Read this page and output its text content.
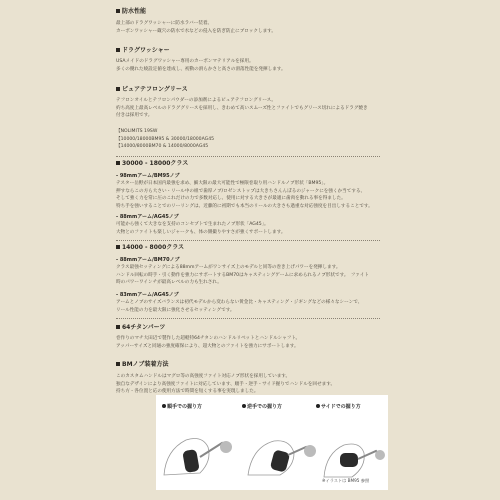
防水性能
最上部のドラグワッシャーに防水ラバー装着。
カーボンワッシャー蔵穴の防水で水などの侵入を防ぎ防止にブロックします。
ドラグワッシャー
USAメイドのドラグワッシャー専用のカーボンマテリアルを採用。
多くの優れた綾設定値を達成し、初動の滑らかさと高さの滑落性能を発揮します。
ピュアテフロングリース
テフロンオイルとテフロンパウダーの添加剤によるピュアテフロングリース。
約ち高度上最高レベルのドラググリースを採用し、きわめて高いスムーズ性とファイトでもグリース切れによるドラグ焼き
付きは採用です。
【NOLIMITS 19SW
【10000/18000BM95 & 30000/18000AG45
【14000/8000BM70 & 14000/8000AG45
30000 - 18000クラス
- 98mmアーム/BM95ノブ
テスター岳野が日本国内最強を求め、細大限の最大可能性で極限巻取り用ハンドルノブ形状「BM95」。
押すならこの方ら大さい・リール中の組で歯厚ノブ/ロゼンストップは大きちさんんぽるのジャークにを強くか当てする、
そして強く力を常に圧のこれだけの力で多数対応し、使用に対する大きさが最適に歯肉を動れる事を得ました。
特ち手を強いすることでのリーリングは、近藤的に初期でも本当のリールの大きさも過重な対応強度を目出しすることです。
- 88mmアーム/AG45ノブ
可能から強くて大きなを支持のコンセプトで生まれたノブ形状「AG45」。
大物とのファイトも楽しいジャークも、体の側撮りやすさが強くサポートします。
14000 - 8000クラス
- 88mmアーム/BM70ノブ
クラス最強セッティングによる88mmアームがワンサイズ上のモデルと同等の巻き上げパワーを発揮します。
ハンドル回転の時手・引く動作を強力にサポートするBM70はキャスティングゲームに求められるノブ形状です。　ファイト
時のパワーワインチが最高レベルの力も生れされ。
- 83mmアーム/AG45ノブ
アームとノブのサイズバランスは初代モデルから変わらない黄金比・キャスティング・ジギングなどの様々なシーンで、
リール性能の力を最大限に強化させるセッティングです。
64チタンパーツ
巻作りのマチ大田辺で製作した超軽特64チタンのハンドルリベットとハンドルシャフト。
アッパーサイズと同通の強度確保により、超大物とのファイトを強力にサポートします。
BMノブ装着方法
このカスタムハンドルはマグロ等の高強度ファイト対応ノブ形状を採用しています。
独自なデザインにより高強度ファイトに対応しています、順手・逆手・サイド握りでハンドルを回せます。
持ち方・各位置と応の使用方法で時間を短くする事を実現しました。
順手での握り方	逆手での握り方	サイドでの握り方
※イラストは BM95 参照
